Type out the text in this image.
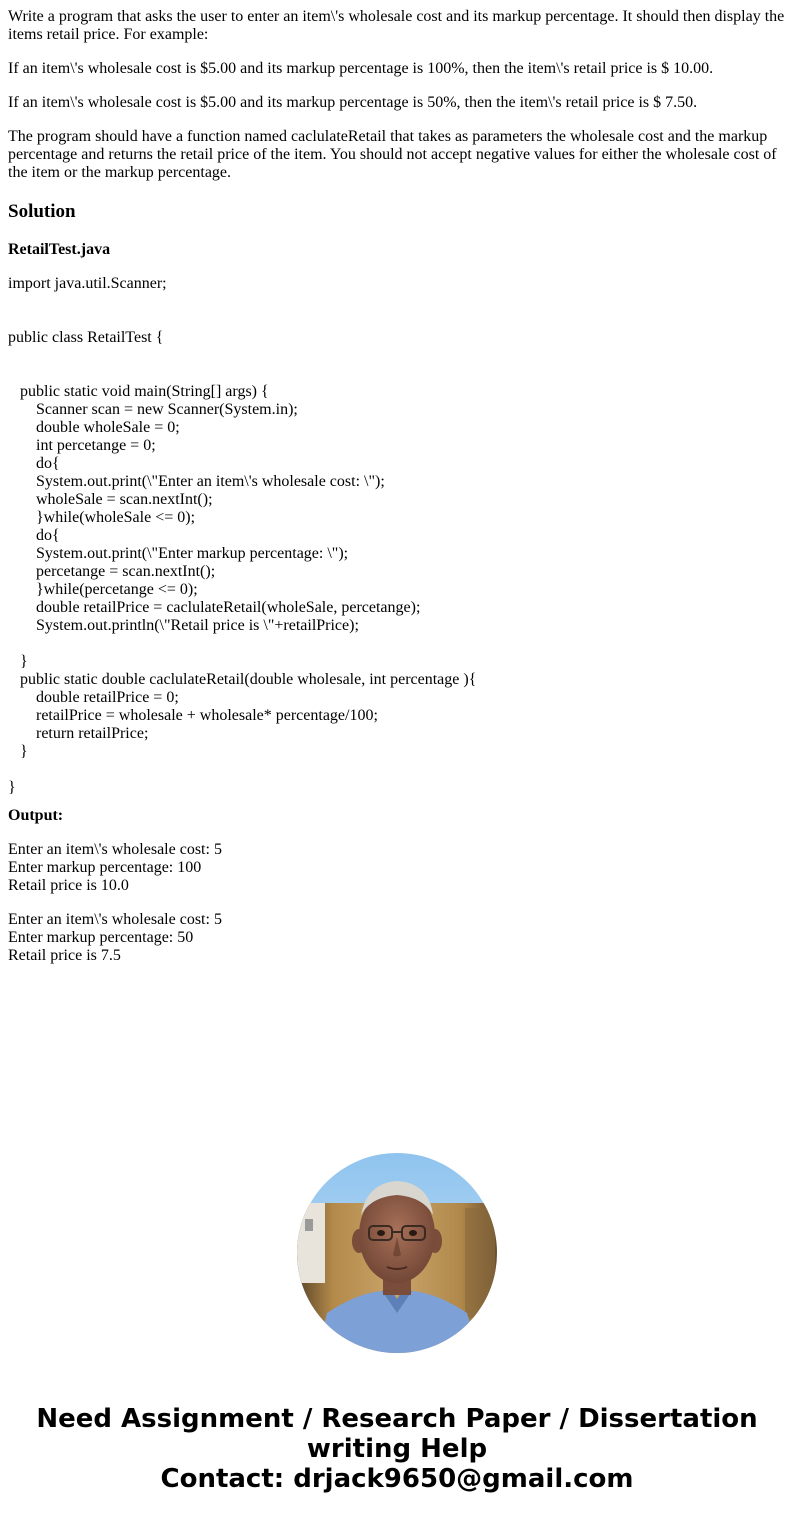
Write a program that asks the user to enter an item\'s wholesale cost and its markup percentage. It should then display the items retail price. For example:

If an item\'s wholesale cost is $5.00 and its markup percentage is 100%, then the item\'s retail price is $ 10.00.

If an item\'s wholesale cost is $5.00 and its markup percentage is 50%, then the item\'s retail price is $ 7.50.

The program should have a function named caclulateRetail that takes as parameters the wholesale cost and the markup percentage and returns the retail price of the item. You should not accept negative values for either the wholesale cost of the item or the markup percentage.

Solution
RetailTest.java
import java.util.Scanner;

public class RetailTest {

public static void main(String[] args) {
Scanner scan = new Scanner(System.in);
double wholeSale = 0;
int percetange = 0;
do{
System.out.print(\"Enter an item\'s wholesale cost: \");
wholeSale = scan.nextInt();
}while(wholeSale <= 0);
do{
System.out.print(\"Enter markup percentage: \");
percetange = scan.nextInt();
}while(percetange <= 0);
double retailPrice = caclulateRetail(wholeSale, percetange);
System.out.println(\"Retail price is \"+retailPrice);

}
public static double caclulateRetail(double wholesale, int percentage ){
double retailPrice = 0;
retailPrice = wholesale + wholesale* percentage/100;
return retailPrice;
}

}
Output:
Enter an item\'s wholesale cost: 5
Enter markup percentage: 100
Retail price is 10.0
Enter an item\'s wholesale cost: 5
Enter markup percentage: 50
Retail price is 7.5
Need Assignment / Research Paper / Dissertation
writing Help
Contact: drjack9650@gmail.com
